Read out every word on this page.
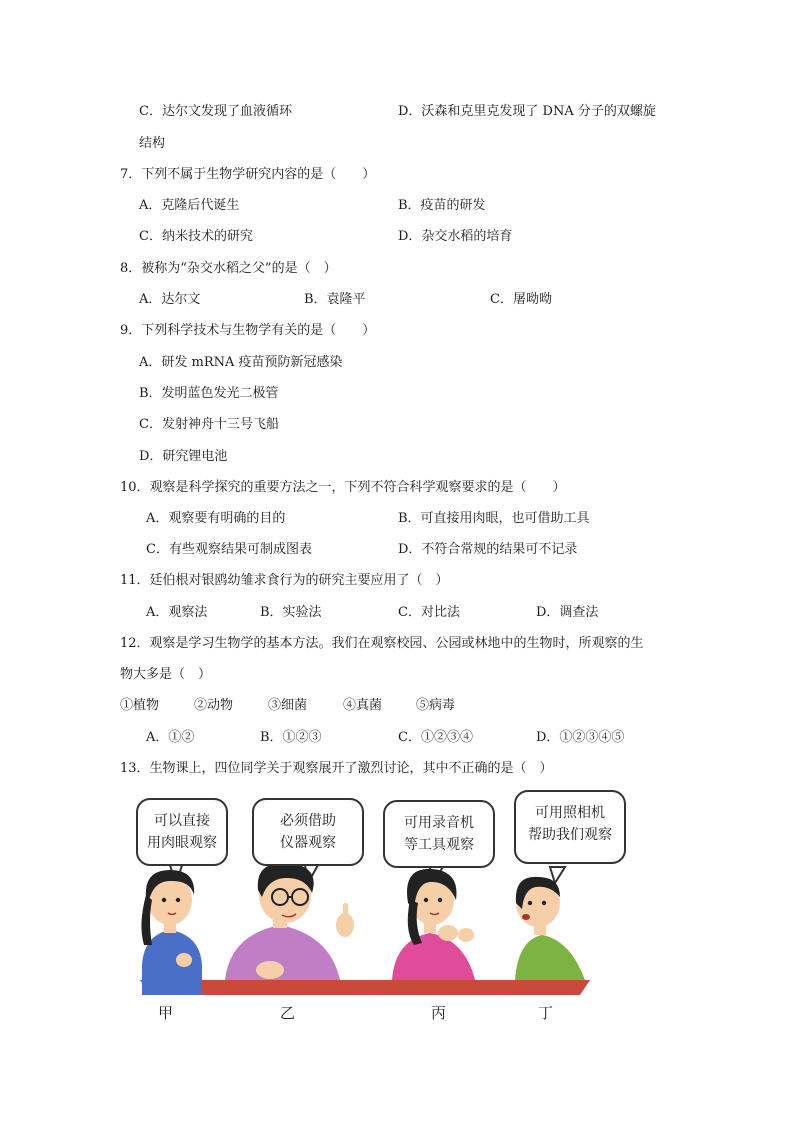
C．达尔文发现了血液循环	D．沃森和克里克发现了 DNA 分子的双螺旋
结构
7．下列不属于生物学研究内容的是（　　）
A．克隆后代诞生	B．疫苗的研发
C．纳米技术的研究	D．杂交水稻的培育
8．被称为“杂交水稻之父”的是（　）
A．达尔文	B．袁隆平	C．屠呦呦
9．下列科学技术与生物学有关的是（　　）
A．研发 mRNA 疫苗预防新冠感染
B．发明蓝色发光二极管
C．发射神舟十三号飞船
D．研究锂电池
10．观察是科学探究的重要方法之一，下列不符合科学观察要求的是（　　）
A．观察要有明确的目的	B．可直接用肉眼，也可借助工具
C．有些观察结果可制成图表	D．不符合常规的结果可不记录
11．廷伯根对银鸥幼雏求食行为的研究主要应用了（　）
A．观察法	B．实验法	C．对比法	D．调查法
12．观察是学习生物学的基本方法。我们在观察校园、公园或林地中的生物时，所观察的生
物大多是（　）
①植物	②动物	③细菌	④真菌	⑤病毒
A．①②	B．①②③	C．①②③④	D．①②③④⑤
13．生物课上，四位同学关于观察展开了激烈讨论，其中不正确的是（　）
可以直接
用肉眼观察
必须借助
仪器观察
可用录音机
等工具观察
可用照相机
帮助我们观察
甲	乙	丙	丁
